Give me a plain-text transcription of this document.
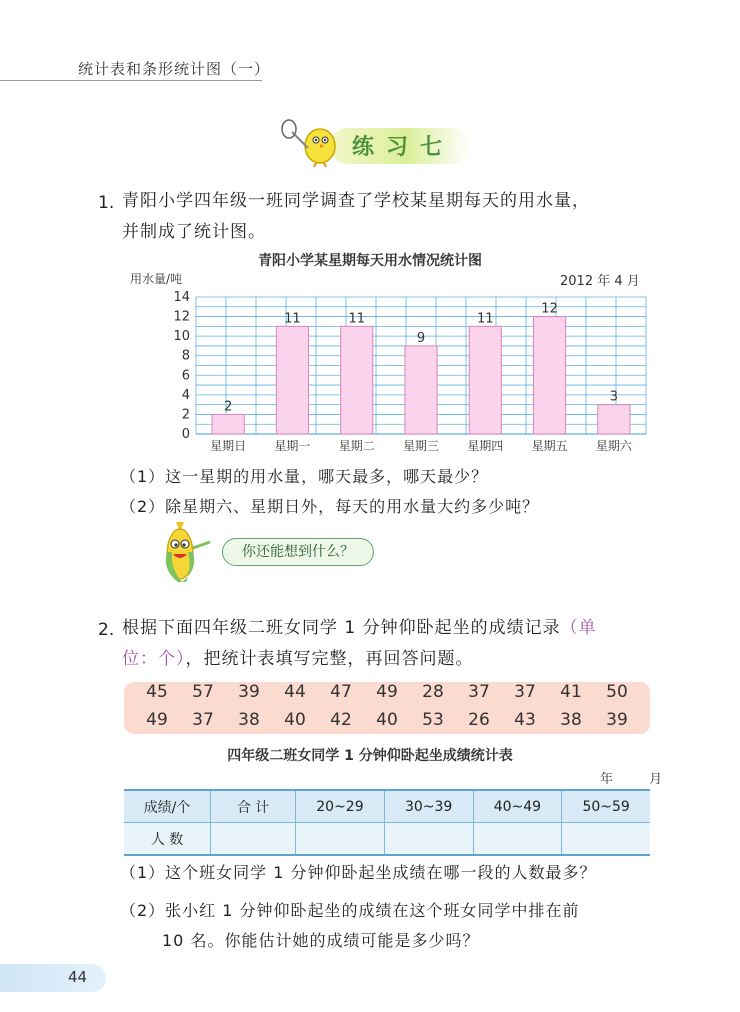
统计表和条形统计图（一）
练习七
1. 青阳小学四年级一班同学调查了学校某星期每天的用水量，
并制成了统计图。
青阳小学某星期每天用水情况统计图
用水量/吨	2012 年 4 月
0
2
4
6
8
10
12
14
2
星期日
11
星期一
11
星期二
9
星期三
11
星期四
12
星期五
3
星期六
（1）这一星期的用水量，哪天最多，哪天最少？
（2）除星期六、星期日外，每天的用水量大约多少吨？
你还能想到什么？
2. 根据下面四年级二班女同学 1 分钟仰卧起坐的成绩记录（单
位：个），把统计表填写完整，再回答问题。
45	57	39	44	47	49	28	37	37	41	50
49	37	38	40	42	40	53	26	43	38	39
四年级二班女同学 1 分钟仰卧起坐成绩统计表
年 月
成绩/个	合 计	20~29	30~39	40~49	50~59
人 数					
（1）这个班女同学 1 分钟仰卧起坐成绩在哪一段的人数最多？
（2）张小红 1 分钟仰卧起坐的成绩在这个班女同学中排在前
10 名。你能估计她的成绩可能是多少吗？
44
